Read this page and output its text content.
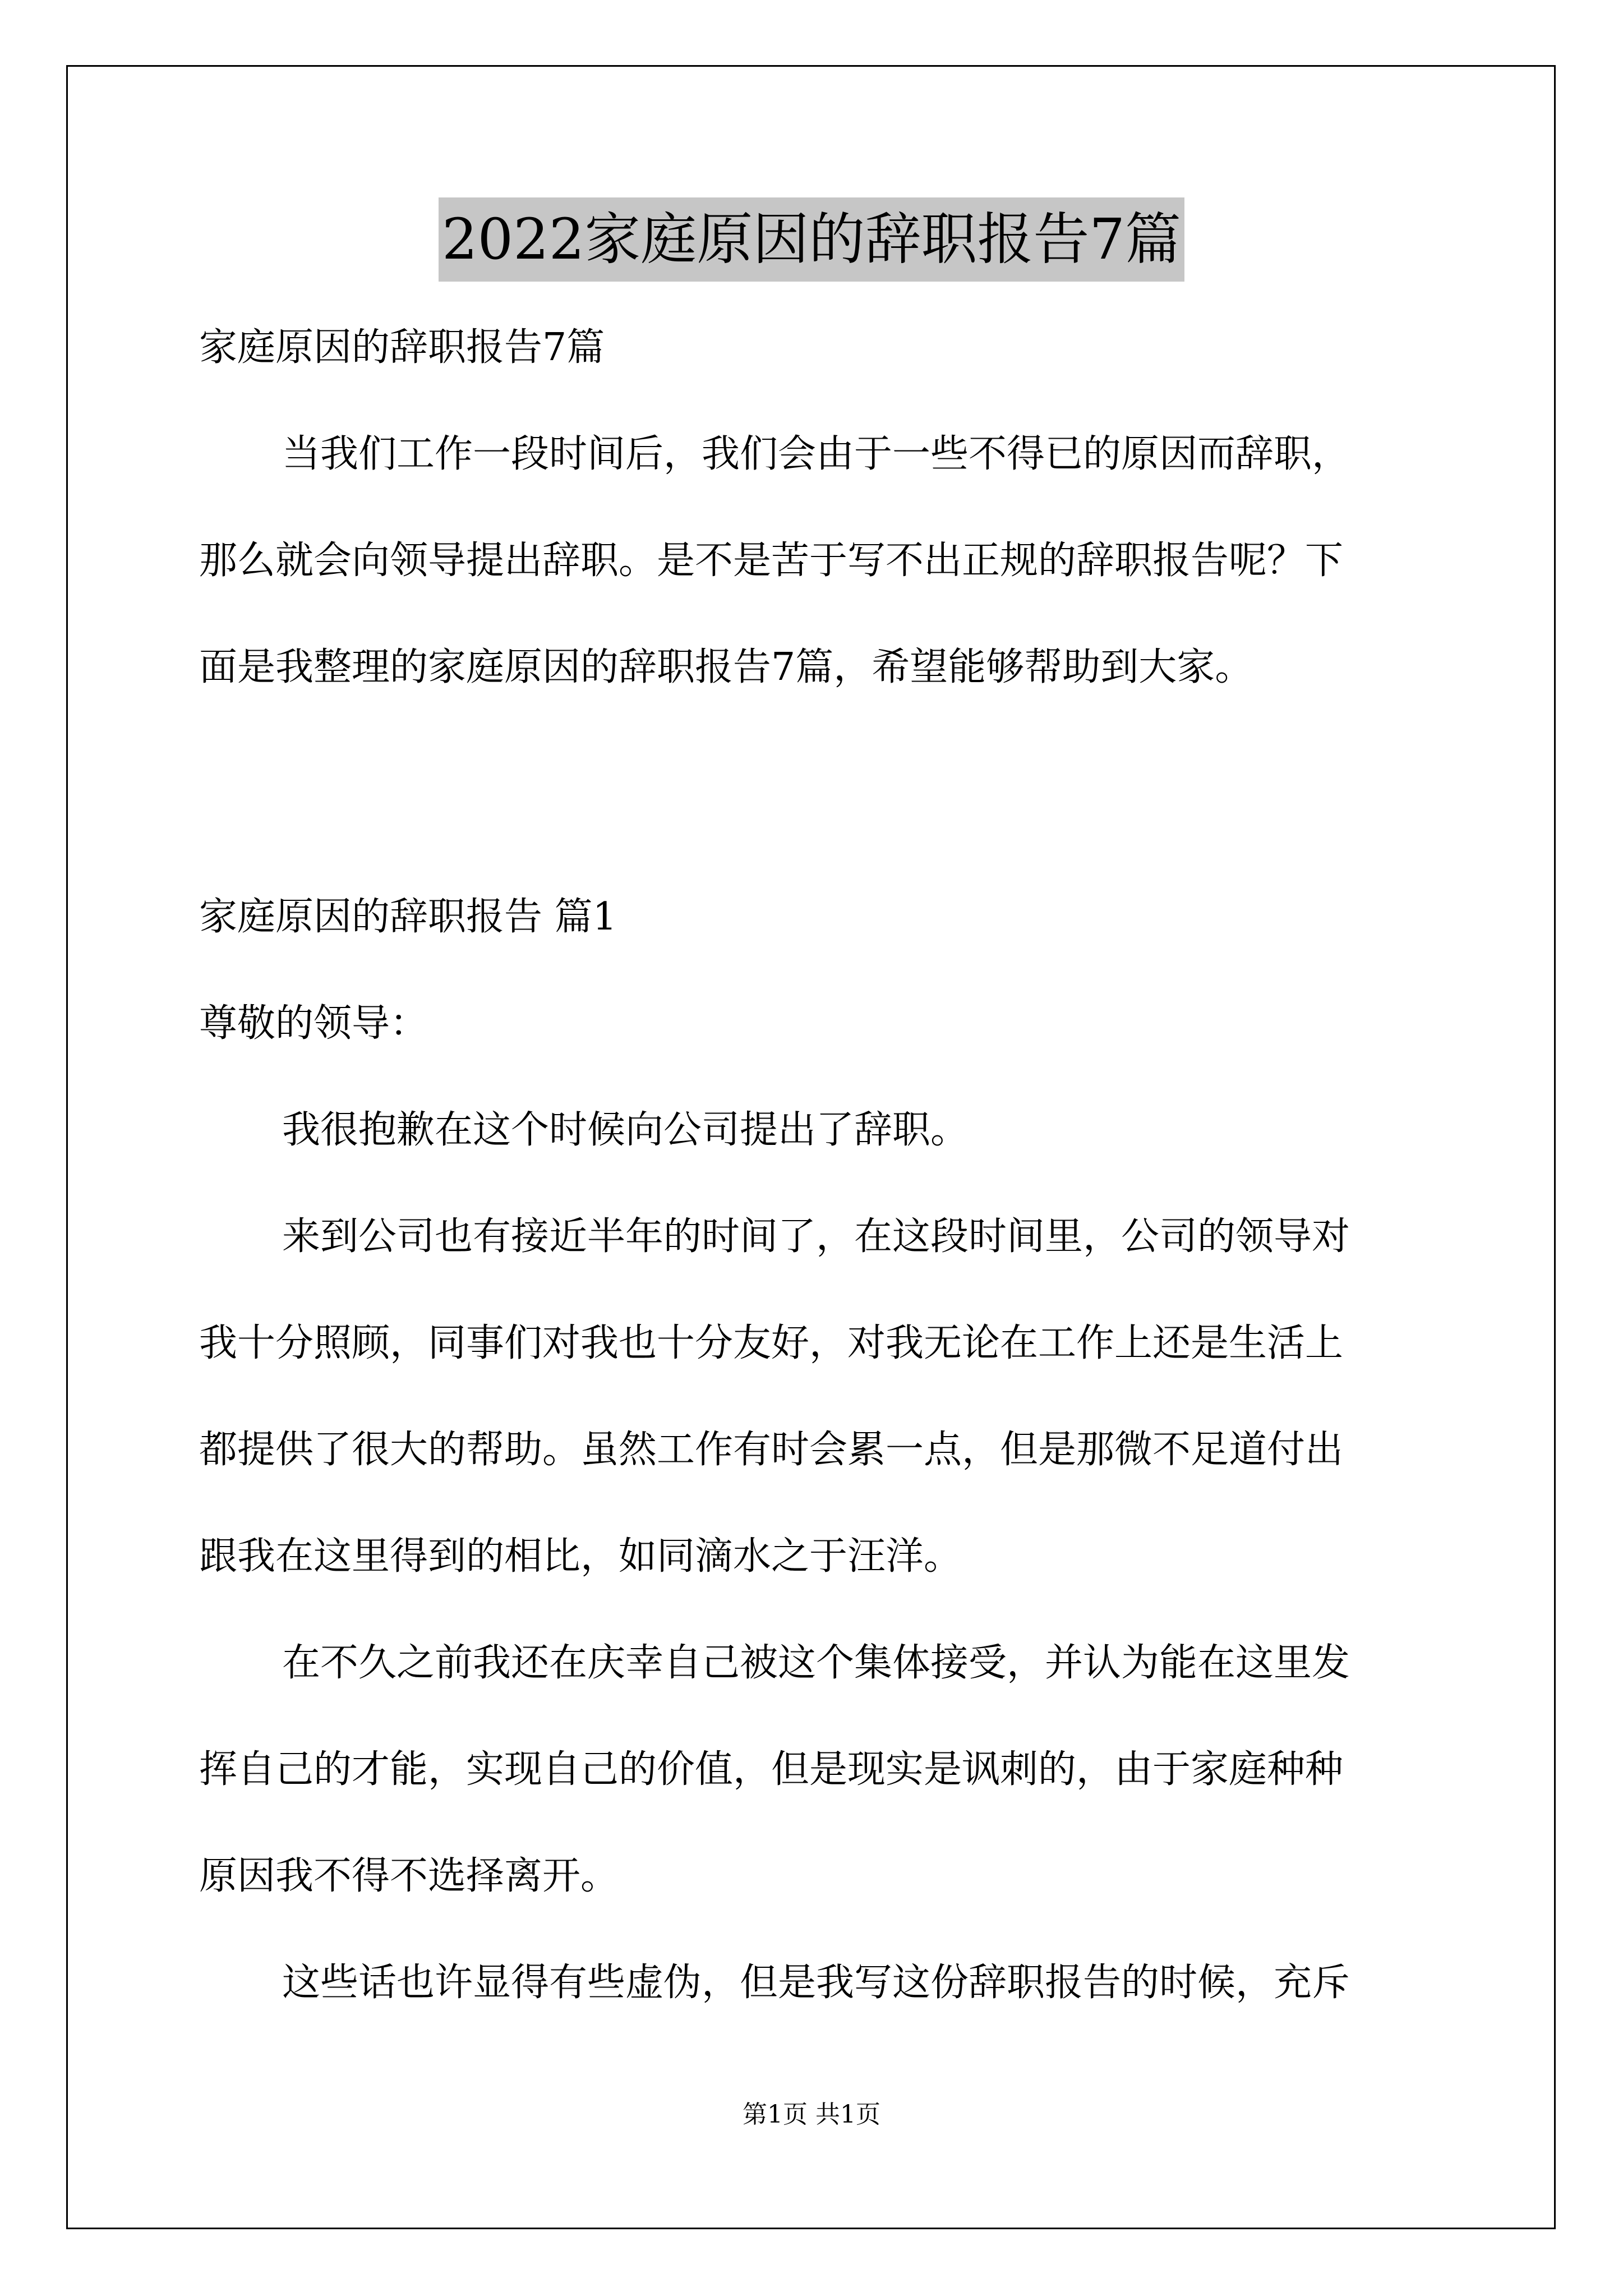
2022家庭原因的辞职报告7篇
家庭原因的辞职报告7篇
当我们工作一段时间后，我们会由于一些不得已的原因而辞职，
那么就会向领导提出辞职。是不是苦于写不出正规的辞职报告呢？下
面是我整理的家庭原因的辞职报告7篇，希望能够帮助到大家。
家庭原因的辞职报告 篇1
尊敬的领导：
我很抱歉在这个时候向公司提出了辞职。
来到公司也有接近半年的时间了，在这段时间里，公司的领导对
我十分照顾，同事们对我也十分友好，对我无论在工作上还是生活上
都提供了很大的帮助。虽然工作有时会累一点，但是那微不足道付出
跟我在这里得到的相比，如同滴水之于汪洋。
在不久之前我还在庆幸自己被这个集体接受，并认为能在这里发
挥自己的才能，实现自己的价值，但是现实是讽刺的，由于家庭种种
原因我不得不选择离开。
这些话也许显得有些虚伪，但是我写这份辞职报告的时候，充斥
第1页 共1页
